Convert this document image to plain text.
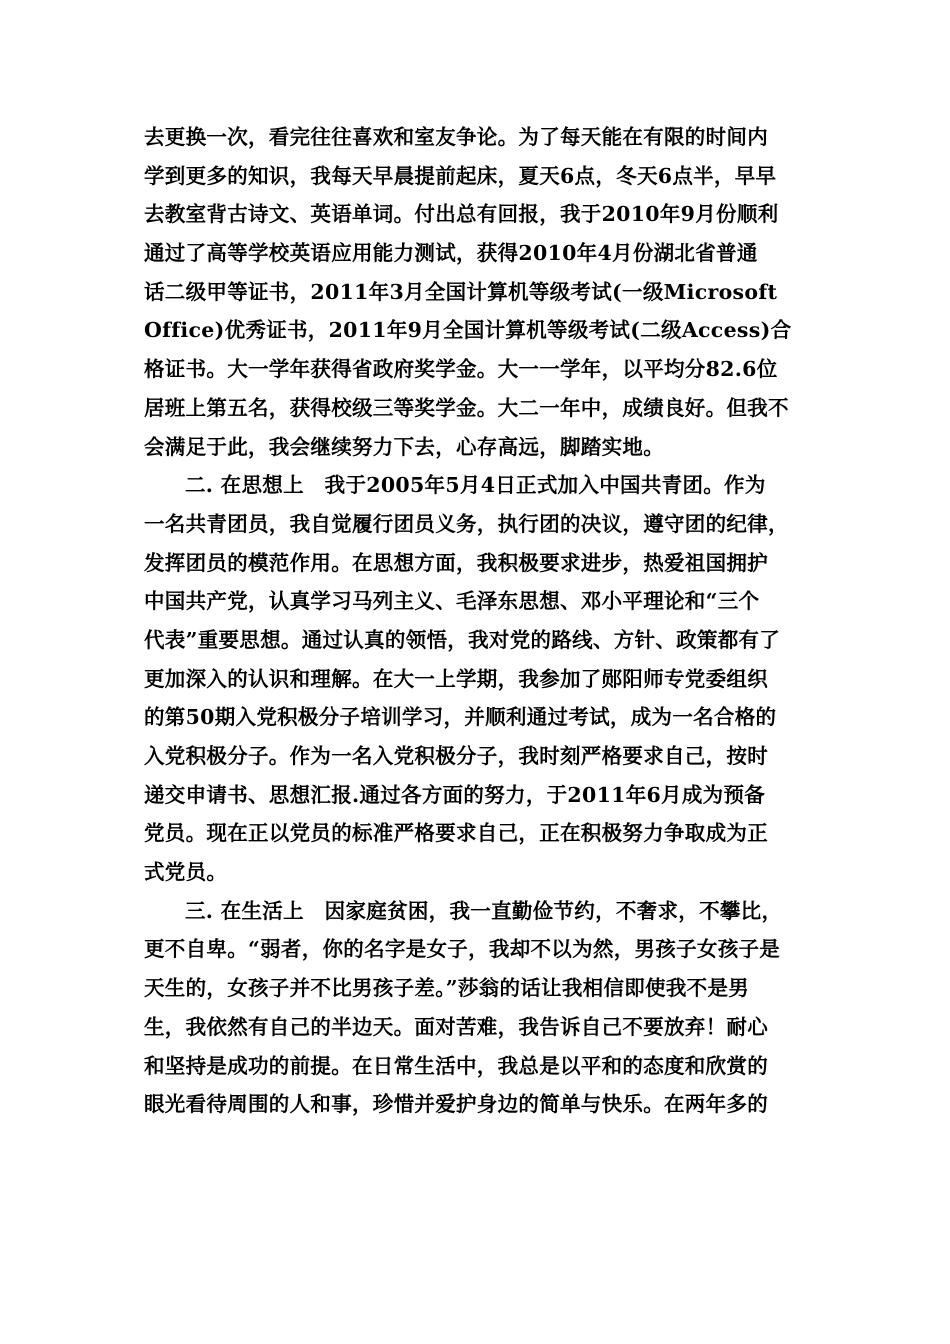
去更换一次，看完往往喜欢和室友争论。为了每天能在有限的时间内
学到更多的知识，我每天早晨提前起床，夏天6点，冬天6点半，早早
去教室背古诗文、英语单词。付出总有回报，我于2010年9月份顺利
通过了高等学校英语应用能力测试，获得2010年4月份湖北省普通
话二级甲等证书，2011年3月全国计算机等级考试(一级Microsoft
Office)优秀证书，2011年9月全国计算机等级考试(二级Access)合
格证书。大一学年获得省政府奖学金。大一一学年，以平均分82.6位
居班上第五名，获得校级三等奖学金。大二一年中，成绩良好。但我不
会满足于此，我会继续努力下去，心存高远，脚踏实地。
二. 在思想上　我于2005年5月4日正式加入中国共青团。作为
一名共青团员，我自觉履行团员义务，执行团的决议，遵守团的纪律，
发挥团员的模范作用。在思想方面，我积极要求进步，热爱祖国拥护
中国共产党，认真学习马列主义、毛泽东思想、邓小平理论和“三个
代表”重要思想。通过认真的领悟，我对党的路线、方针、政策都有了
更加深入的认识和理解。在大一上学期，我参加了郧阳师专党委组织
的第50期入党积极分子培训学习，并顺利通过考试，成为一名合格的
入党积极分子。作为一名入党积极分子，我时刻严格要求自己，按时
递交申请书、思想汇报.通过各方面的努力，于2011年6月成为预备
党员。现在正以党员的标准严格要求自己，正在积极努力争取成为正
式党员。
三. 在生活上　因家庭贫困，我一直勤俭节约，不奢求，不攀比，
更不自卑。“弱者，你的名字是女子，我却不以为然，男孩子女孩子是
天生的，女孩子并不比男孩子差。”莎翁的话让我相信即使我不是男
生，我依然有自己的半边天。面对苦难，我告诉自己不要放弃！耐心
和坚持是成功的前提。在日常生活中，我总是以平和的态度和欣赏的
眼光看待周围的人和事，珍惜并爱护身边的简单与快乐。在两年多的
